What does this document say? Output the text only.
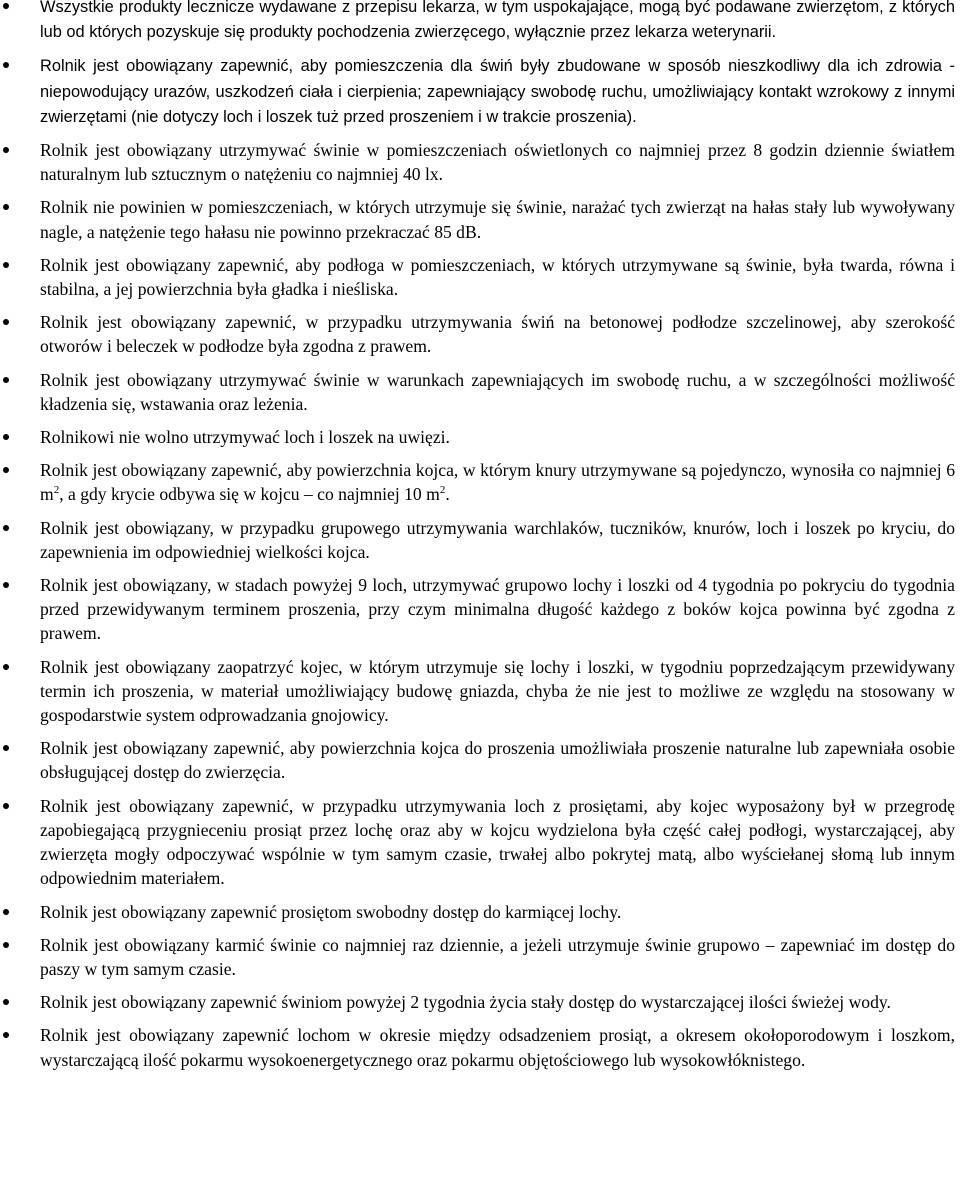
Wszystkie produkty lecznicze wydawane z przepisu lekarza, w tym uspokajające, mogą być podawane zwierzętom, z których lub od których pozyskuje się produkty pochodzenia zwierzęcego, wyłącznie przez lekarza weterynarii.
Rolnik jest obowiązany zapewnić, aby pomieszczenia dla świń były zbudowane w sposób nieszkodliwy dla ich zdrowia - niepowodujący urazów, uszkodzeń ciała i cierpienia; zapewniający swobodę ruchu, umożliwiający kontakt wzrokowy z innymi zwierzętami (nie dotyczy loch i loszek tuż przed proszeniem i w trakcie proszenia).
Rolnik jest obowiązany utrzymywać świnie w pomieszczeniach oświetlonych co najmniej przez 8 godzin dziennie światłem naturalnym lub sztucznym o natężeniu co najmniej 40 lx.
Rolnik nie powinien w pomieszczeniach, w których utrzymuje się świnie, narażać tych zwierząt na hałas stały lub wywoływany nagle, a natężenie tego hałasu nie powinno przekraczać 85 dB.
Rolnik jest obowiązany zapewnić, aby podłoga w pomieszczeniach, w których utrzymywane są świnie, była twarda, równa i stabilna, a jej powierzchnia była gładka i nieśliska.
Rolnik jest obowiązany zapewnić, w przypadku utrzymywania świń na betonowej podłodze szczelinowej, aby szerokość otworów i beleczek w podłodze była zgodna z prawem.
Rolnik jest obowiązany utrzymywać świnie w warunkach zapewniających im swobodę ruchu, a w szczególności możliwość kładzenia się, wstawania oraz leżenia.
Rolnikowi nie wolno utrzymywać loch i loszek na uwięzi.
Rolnik jest obowiązany zapewnić, aby powierzchnia kojca, w którym knury utrzymywane są pojedynczo, wynosiła co najmniej 6 $m^2$, a gdy krycie odbywa się w kojcu – co najmniej 10 $m^2$.
Rolnik jest obowiązany, w przypadku grupowego utrzymywania warchlaków, tuczników, knurów, loch i loszek po kryciu, do zapewnienia im odpowiedniej wielkości kojca.
Rolnik jest obowiązany, w stadach powyżej 9 loch, utrzymywać grupowo lochy i loszki od 4 tygodnia po pokryciu do tygodnia przed przewidywanym terminem proszenia, przy czym minimalna długość każdego z boków kojca powinna być zgodna z prawem.
Rolnik jest obowiązany zaopatrzyć kojec, w którym utrzymuje się lochy i loszki, w tygodniu poprzedzającym przewidywany termin ich proszenia, w materiał umożliwiający budowę gniazda, chyba że nie jest to możliwe ze względu na stosowany w gospodarstwie system odprowadzania gnojowicy.
Rolnik jest obowiązany zapewnić, aby powierzchnia kojca do proszenia umożliwiała proszenie naturalne lub zapewniała osobie obsługującej dostęp do zwierzęcia.
Rolnik jest obowiązany zapewnić, w przypadku utrzymywania loch z prosiętami, aby kojec wyposażony był w przegrodę zapobiegającą przygnieceniu prosiąt przez lochę oraz aby w kojcu wydzielona była część całej podłogi, wystarczającej, aby zwierzęta mogły odpoczywać wspólnie w tym samym czasie, trwałej albo pokrytej matą, albo wyściełanej słomą lub innym odpowiednim materiałem.
Rolnik jest obowiązany zapewnić prosiętom swobodny dostęp do karmiącej lochy.
Rolnik jest obowiązany karmić świnie co najmniej raz dziennie, a jeżeli utrzymuje świnie grupowo – zapewniać im dostęp do paszy w tym samym czasie.
Rolnik jest obowiązany zapewnić świniom powyżej 2 tygodnia życia stały dostęp do wystarczającej ilości świeżej wody.
Rolnik jest obowiązany zapewnić lochom w okresie między odsadzeniem prosiąt, a okresem okołoporodowym i loszkom, wystarczającą ilość pokarmu wysokoenergetycznego oraz pokarmu objętościowego lub wysokowłóknistego.
